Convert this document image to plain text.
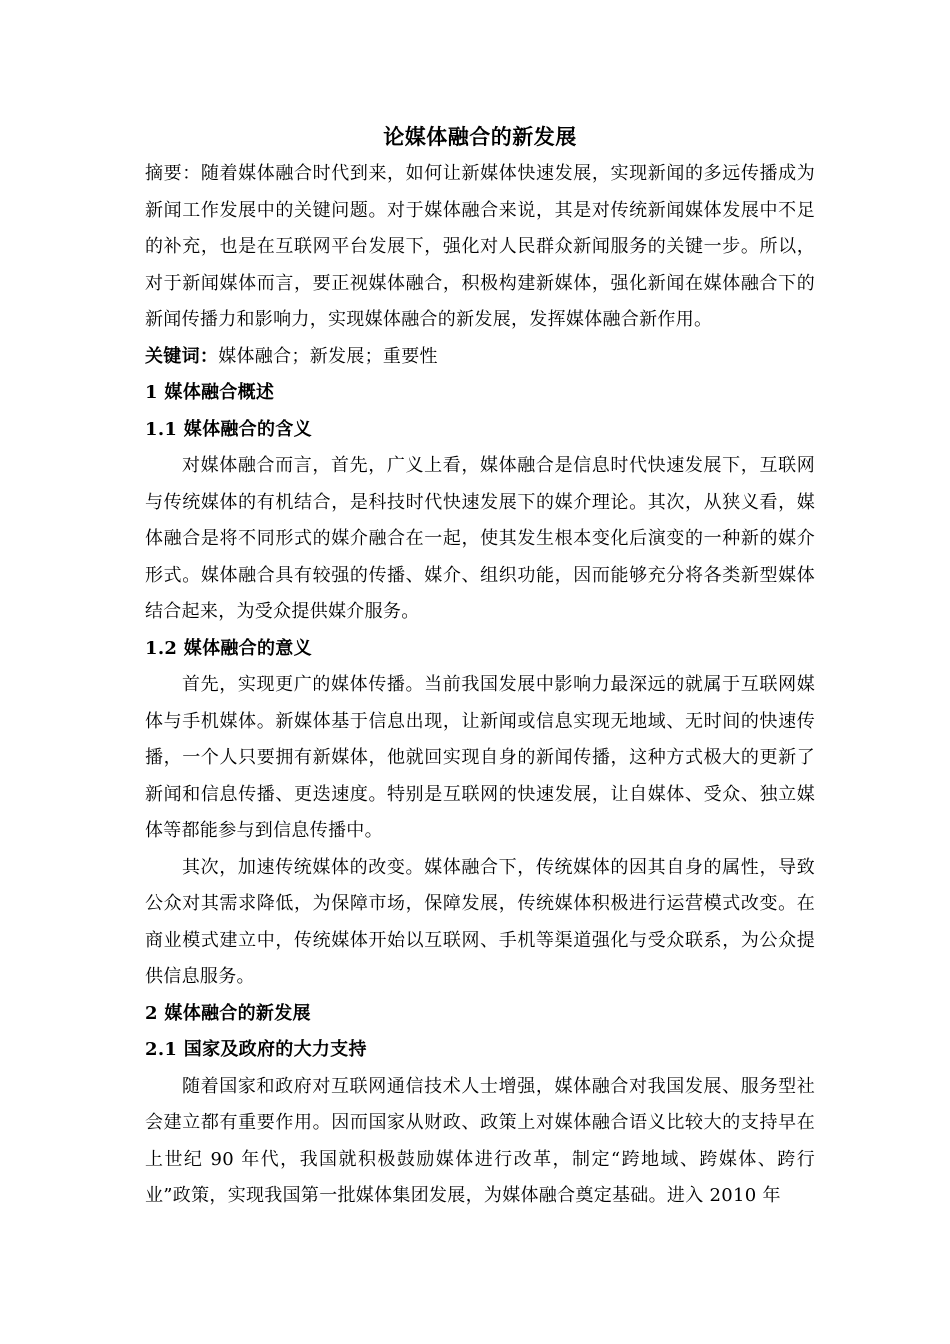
论媒体融合的新发展

摘要：随着媒体融合时代到来，如何让新媒体快速发展，实现新闻的多远传播成为新闻工作发展中的关键问题。对于媒体融合来说，其是对传统新闻媒体发展中不足的补充，也是在互联网平台发展下，强化对人民群众新闻服务的关键一步。所以，对于新闻媒体而言，要正视媒体融合，积极构建新媒体，强化新闻在媒体融合下的新闻传播力和影响力，实现媒体融合的新发展，发挥媒体融合新作用。

关键词：媒体融合；新发展；重要性

1 媒体融合概述
1.1 媒体融合的含义

对媒体融合而言，首先，广义上看，媒体融合是信息时代快速发展下，互联网与传统媒体的有机结合，是科技时代快速发展下的媒介理论。其次，从狭义看，媒体融合是将不同形式的媒介融合在一起，使其发生根本变化后演变的一种新的媒介形式。媒体融合具有较强的传播、媒介、组织功能，因而能够充分将各类新型媒体结合起来，为受众提供媒介服务。

1.2 媒体融合的意义

首先，实现更广的媒体传播。当前我国发展中影响力最深远的就属于互联网媒体与手机媒体。新媒体基于信息出现，让新闻或信息实现无地域、无时间的快速传播，一个人只要拥有新媒体，他就回实现自身的新闻传播，这种方式极大的更新了新闻和信息传播、更迭速度。特别是互联网的快速发展，让自媒体、受众、独立媒体等都能参与到信息传播中。

其次，加速传统媒体的改变。媒体融合下，传统媒体的因其自身的属性，导致公众对其需求降低，为保障市场，保障发展，传统媒体积极进行运营模式改变。在商业模式建立中，传统媒体开始以互联网、手机等渠道强化与受众联系，为公众提供信息服务。

2 媒体融合的新发展
2.1 国家及政府的大力支持

随着国家和政府对互联网通信技术人士增强，媒体融合对我国发展、服务型社会建立都有重要作用。因而国家从财政、政策上对媒体融合语义比较大的支持早在上世纪 90 年代，我国就积极鼓励媒体进行改革，制定“跨地域、跨媒体、跨行业”政策，实现我国第一批媒体集团发展，为媒体融合奠定基础。进入 2010 年
